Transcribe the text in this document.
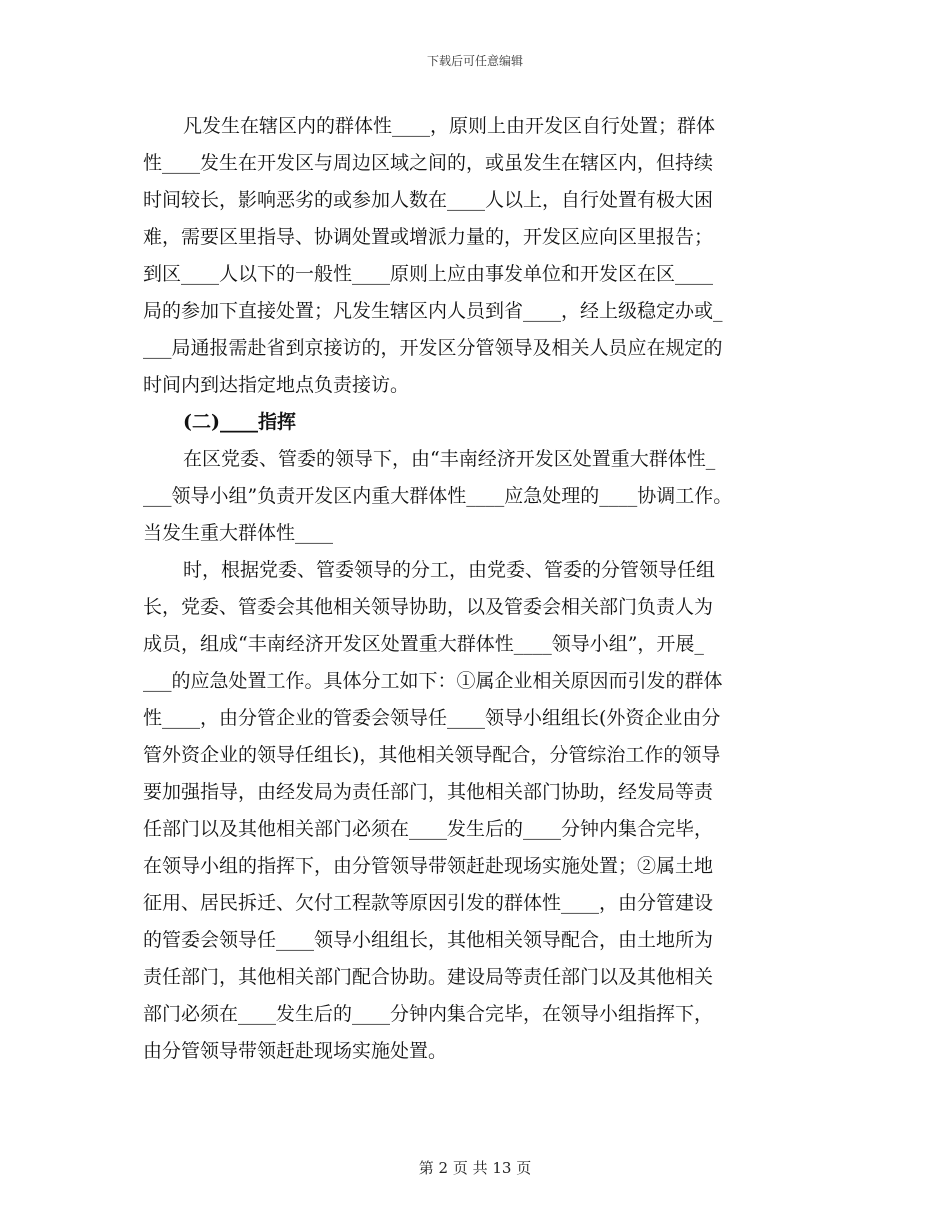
下载后可任意编辑
凡发生在辖区内的群体性____，原则上由开发区自行处置；群体
性____发生在开发区与周边区域之间的，或虽发生在辖区内，但持续
时间较长，影响恶劣的或参加人数在____人以上，自行处置有极大困
难，需要区里指导、协调处置或增派力量的，开发区应向区里报告；
到区____人以下的一般性____原则上应由事发单位和开发区在区____
局的参加下直接处置；凡发生辖区内人员到省____，经上级稳定办或_
___局通报需赴省到京接访的，开发区分管领导及相关人员应在规定的
时间内到达指定地点负责接访。
(二)____指挥
在区党委、管委的领导下，由“丰南经济开发区处置重大群体性_
___领导小组”负责开发区内重大群体性____应急处理的____协调工作。
当发生重大群体性____
时，根据党委、管委领导的分工，由党委、管委的分管领导任组
长，党委、管委会其他相关领导协助，以及管委会相关部门负责人为
成员，组成“丰南经济开发区处置重大群体性____领导小组”，开展_
___的应急处置工作。具体分工如下：①属企业相关原因而引发的群体
性____，由分管企业的管委会领导任____领导小组组长(外资企业由分
管外资企业的领导任组长)，其他相关领导配合，分管综治工作的领导
要加强指导，由经发局为责任部门，其他相关部门协助，经发局等责
任部门以及其他相关部门必须在____发生后的____分钟内集合完毕，
在领导小组的指挥下，由分管领导带领赶赴现场实施处置；②属土地
征用、居民拆迁、欠付工程款等原因引发的群体性____，由分管建设
的管委会领导任____领导小组组长，其他相关领导配合，由土地所为
责任部门，其他相关部门配合协助。建设局等责任部门以及其他相关
部门必须在____发生后的____分钟内集合完毕，在领导小组指挥下，
由分管领导带领赶赴现场实施处置。
第 2 页 共 13 页
